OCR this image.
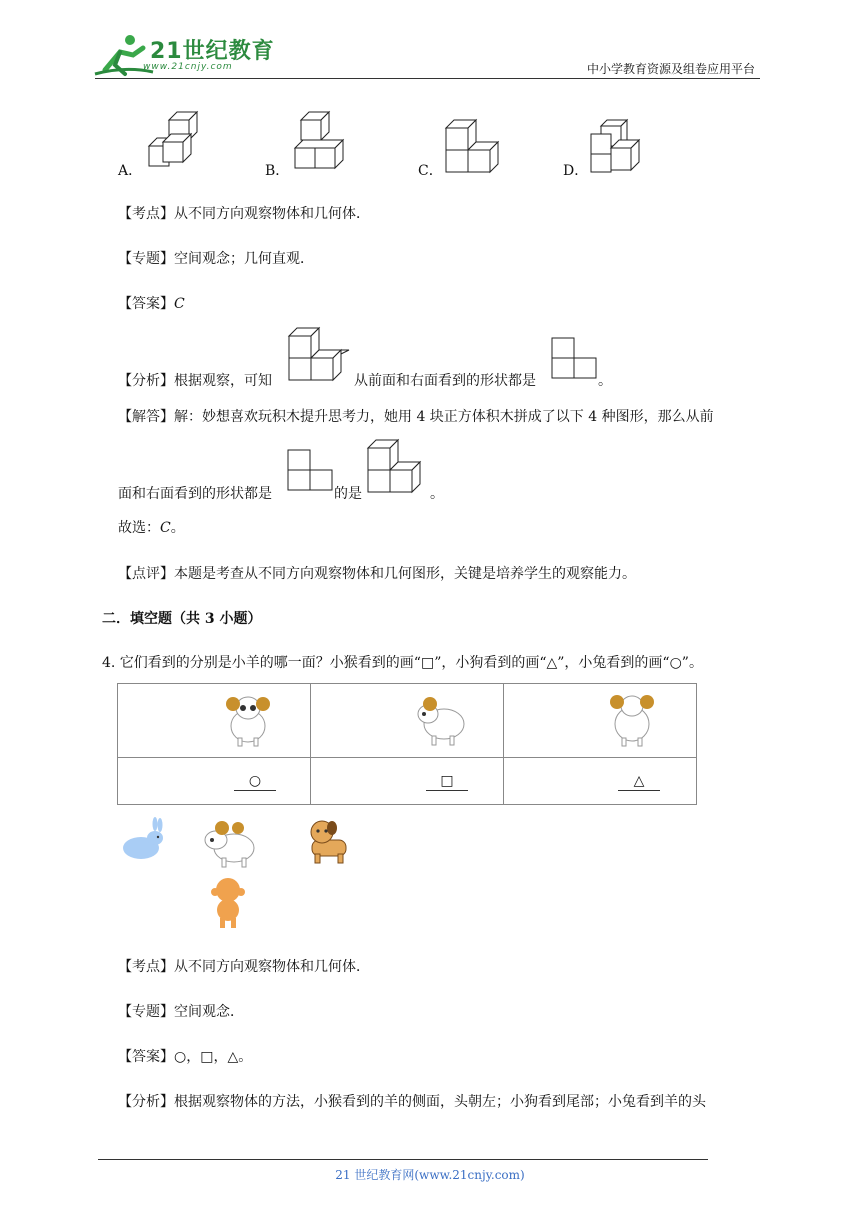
21世纪教育
www.21cnjy.com	中小学教育资源及组卷应用平台
A．	B．	C．	D．
【考点】从不同方向观察物体和几何体．
【专题】空间观念；几何直观．
【答案】C
【分析】根据观察，可知	从前面和右面看到的形状都是	。
【解答】解：妙想喜欢玩积木提升思考力，她用 4 块正方体积木拼成了以下 4 种图形，那么从前
面和右面看到的形状都是	的是	。
故选：C。
【点评】本题是考查从不同方向观察物体和几何图形，关键是培养学生的观察能力。
二．填空题（共 3 小题）
4. 它们看到的分别是小羊的哪一面？小猴看到的画“□”，小狗看到的画“△”，小兔看到的画“○”。

○	□	△
【考点】从不同方向观察物体和几何体．
【专题】空间观念．
【答案】○，□，△。
【分析】根据观察物体的方法，小猴看到的羊的侧面，头朝左；小狗看到尾部；小兔看到羊的头
21 世纪教育网(www.21cnjy.com)
